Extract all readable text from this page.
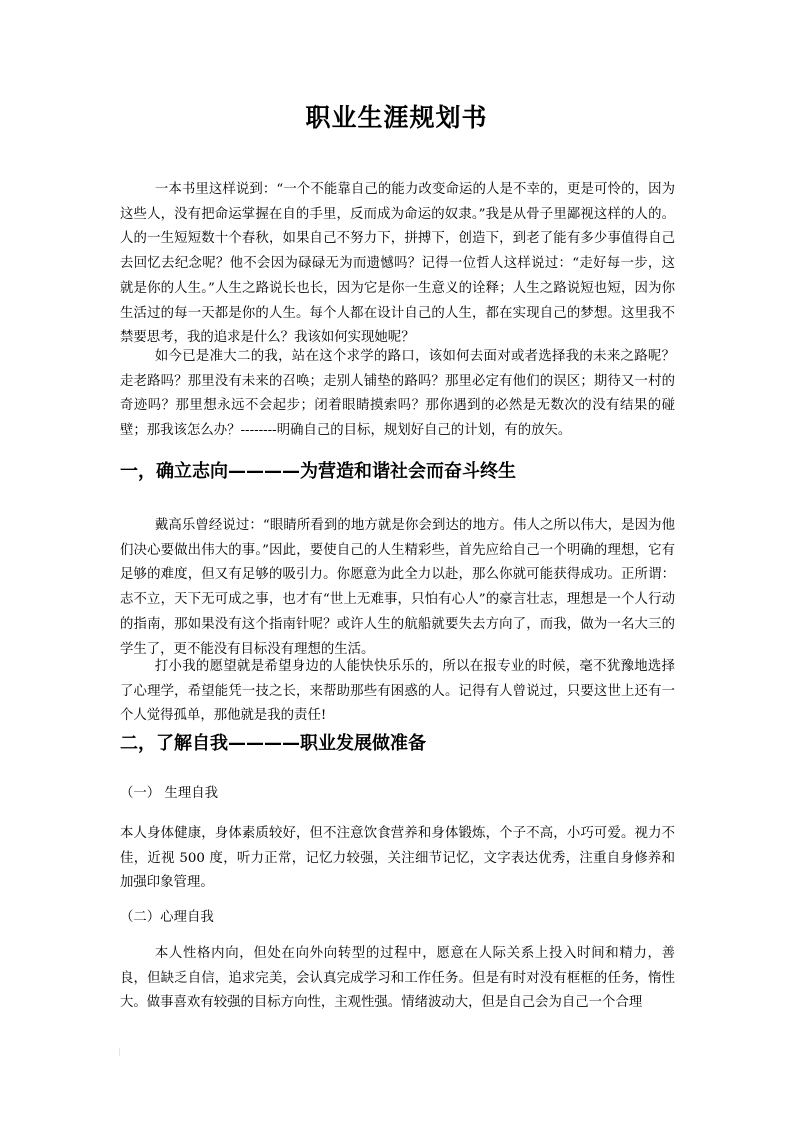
职业生涯规划书

一本书里这样说到：“一个不能靠自己的能力改变命运的人是不幸的，更是可怜的，因为这些人，没有把命运掌握在自的手里，反而成为命运的奴隶。”我是从骨子里鄙视这样的人的。人的一生短短数十个春秋，如果自己不努力下，拼搏下，创造下，到老了能有多少事值得自己去回忆去纪念呢？他不会因为碌碌无为而遗憾吗？记得一位哲人这样说过：“走好每一步，这就是你的人生。”人生之路说长也长，因为它是你一生意义的诠释；人生之路说短也短，因为你生活过的每一天都是你的人生。每个人都在设计自己的人生，都在实现自己的梦想。这里我不禁要思考，我的追求是什么？我该如何实现她呢？

如今已是准大二的我，站在这个求学的路口，该如何去面对或者选择我的未来之路呢？走老路吗？那里没有未来的召唤；走别人铺垫的路吗？那里必定有他们的误区；期待又一村的奇迹吗？那里想永远不会起步；闭着眼睛摸索吗？那你遇到的必然是无数次的没有结果的碰壁；那我该怎么办？--------明确自己的目标，规划好自己的计划，有的放矢。

一，确立志向————为营造和谐社会而奋斗终生

戴高乐曾经说过：“眼睛所看到的地方就是你会到达的地方。伟人之所以伟大，是因为他们决心要做出伟大的事。”因此，要使自己的人生精彩些，首先应给自己一个明确的理想，它有足够的难度，但又有足够的吸引力。你愿意为此全力以赴，那么你就可能获得成功。正所谓：志不立，天下无可成之事，也才有“世上无难事，只怕有心人”的豪言壮志，理想是一个人行动的指南，那如果没有这个指南针呢？或许人生的航船就要失去方向了，而我，做为一名大三的学生了，更不能没有目标没有理想的生活。

打小我的愿望就是希望身边的人能快快乐乐的，所以在报专业的时候，毫不犹豫地选择了心理学，希望能凭一技之长，来帮助那些有困惑的人。记得有人曾说过，只要这世上还有一个人觉得孤单，那他就是我的责任!

二，了解自我————职业发展做准备
（一） 生理自我

本人身体健康，身体素质较好，但不注意饮食营养和身体锻炼，个子不高，小巧可爱。视力不佳，近视 500 度，听力正常，记忆力较强，关注细节记忆，文字表达优秀，注重自身修养和加强印象管理。

（二）心理自我

本人性格内向，但处在向外向转型的过程中，愿意在人际关系上投入时间和精力，善良，但缺乏自信，追求完美，会认真完成学习和工作任务。但是有时对没有框框的任务，惰性大。做事喜欢有较强的目标方向性，主观性强。情绪波动大，但是自己会为自己一个合理
